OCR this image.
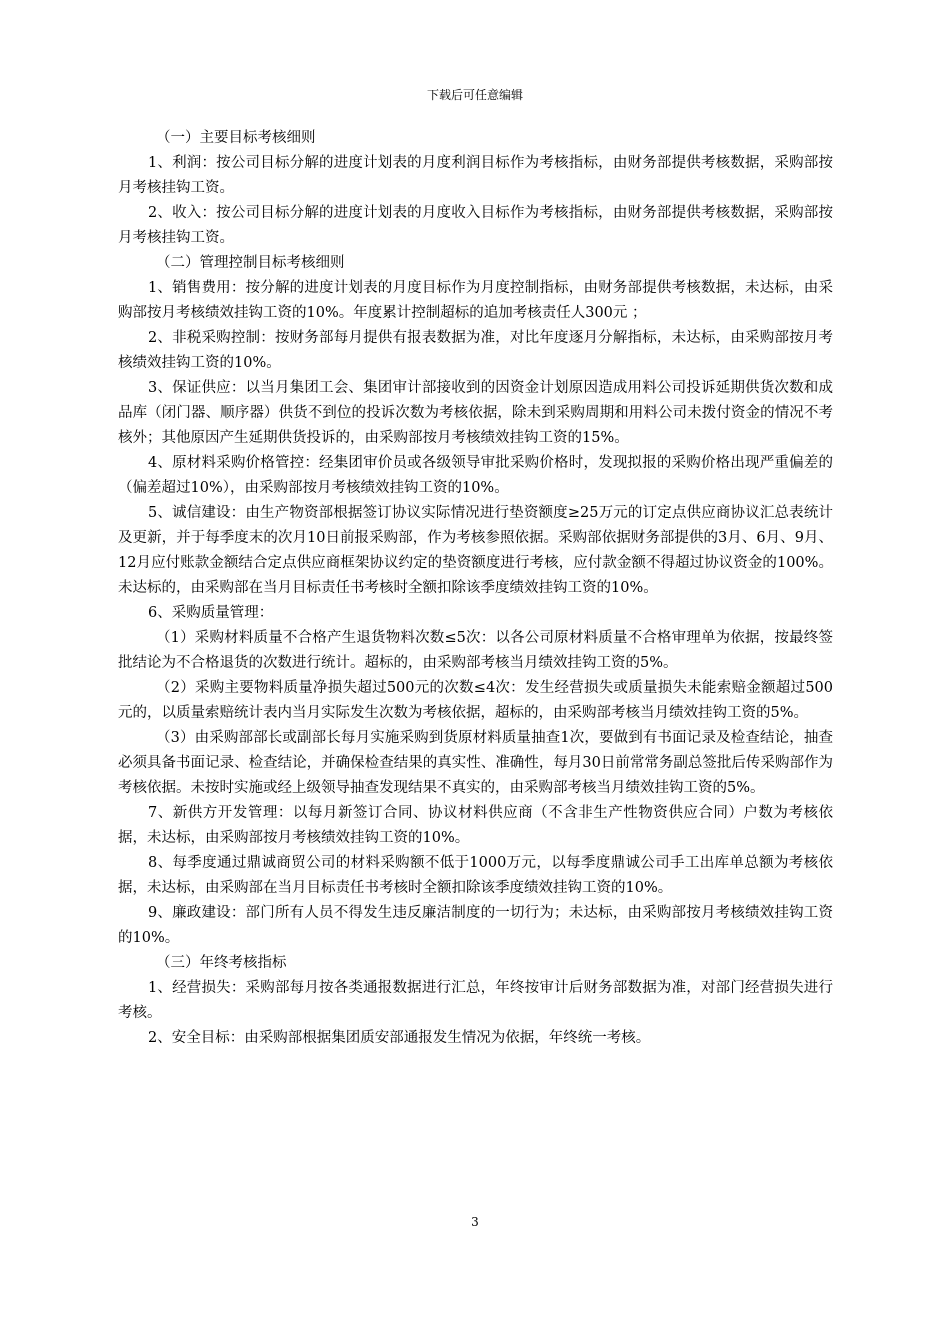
下载后可任意编辑

（一）主要目标考核细则

1、利润：按公司目标分解的进度计划表的月度利润目标作为考核指标，由财务部提供考核数据，采购部按月考核挂钩工资。

2、收入：按公司目标分解的进度计划表的月度收入目标作为考核指标，由财务部提供考核数据，采购部按月考核挂钩工资。

（二）管理控制目标考核细则

1、销售费用：按分解的进度计划表的月度目标作为月度控制指标，由财务部提供考核数据，未达标，由采购部按月考核绩效挂钩工资的10%。年度累计控制超标的追加考核责任人300元 ；

2、非税采购控制：按财务部每月提供有报表数据为准，对比年度逐月分解指标，未达标，由采购部按月考核绩效挂钩工资的10%。

3、保证供应：以当月集团工会、集团审计部接收到的因资金计划原因造成用料公司投诉延期供货次数和成品库（闭门器、顺序器）供货不到位的投诉次数为考核依据，除未到采购周期和用料公司未拨付资金的情况不考核外；其他原因产生延期供货投诉的，由采购部按月考核绩效挂钩工资的15%。

4、原材料采购价格管控：经集团审价员或各级领导审批采购价格时，发现拟报的采购价格出现严重偏差的（偏差超过10%），由采购部按月考核绩效挂钩工资的10%。

5、诚信建设：由生产物资部根据签订协议实际情况进行垫资额度≥25万元的订定点供应商协议汇总表统计及更新，并于每季度末的次月10日前报采购部，作为考核参照依据。采购部依据财务部提供的3月、6月、9月、12月应付账款金额结合定点供应商框架协议约定的垫资额度进行考核，应付款金额不得超过协议资金的100%。未达标的，由采购部在当月目标责任书考核时全额扣除该季度绩效挂钩工资的10%。

6、采购质量管理：

（1）采购材料质量不合格产生退货物料次数≤5次：以各公司原材料质量不合格审理单为依据，按最终签批结论为不合格退货的次数进行统计。超标的，由采购部考核当月绩效挂钩工资的5%。

（2）采购主要物料质量净损失超过500元的次数≤4次：发生经营损失或质量损失未能索赔金额超过500元的，以质量索赔统计表内当月实际发生次数为考核依据，超标的，由采购部考核当月绩效挂钩工资的5%。

（3）由采购部部长或副部长每月实施采购到货原材料质量抽查1次，要做到有书面记录及检查结论，抽查必须具备书面记录、检查结论，并确保检查结果的真实性、准确性，每月30日前常常务副总签批后传采购部作为考核依据。未按时实施或经上级领导抽查发现结果不真实的，由采购部考核当月绩效挂钩工资的5%。

7、新供方开发管理：以每月新签订合同、协议材料供应商（不含非生产性物资供应合同）户数为考核依据，未达标，由采购部按月考核绩效挂钩工资的10%。

8、每季度通过鼎诚商贸公司的材料采购额不低于1000万元，以每季度鼎诚公司手工出库单总额为考核依据，未达标，由采购部在当月目标责任书考核时全额扣除该季度绩效挂钩工资的10%。

9、廉政建设：部门所有人员不得发生违反廉洁制度的一切行为；未达标，由采购部按月考核绩效挂钩工资的10%。

（三）年终考核指标

1、经营损失：采购部每月按各类通报数据进行汇总，年终按审计后财务部数据为准，对部门经营损失进行考核。

2、安全目标：由采购部根据集团质安部通报发生情况为依据，年终统一考核。

3
